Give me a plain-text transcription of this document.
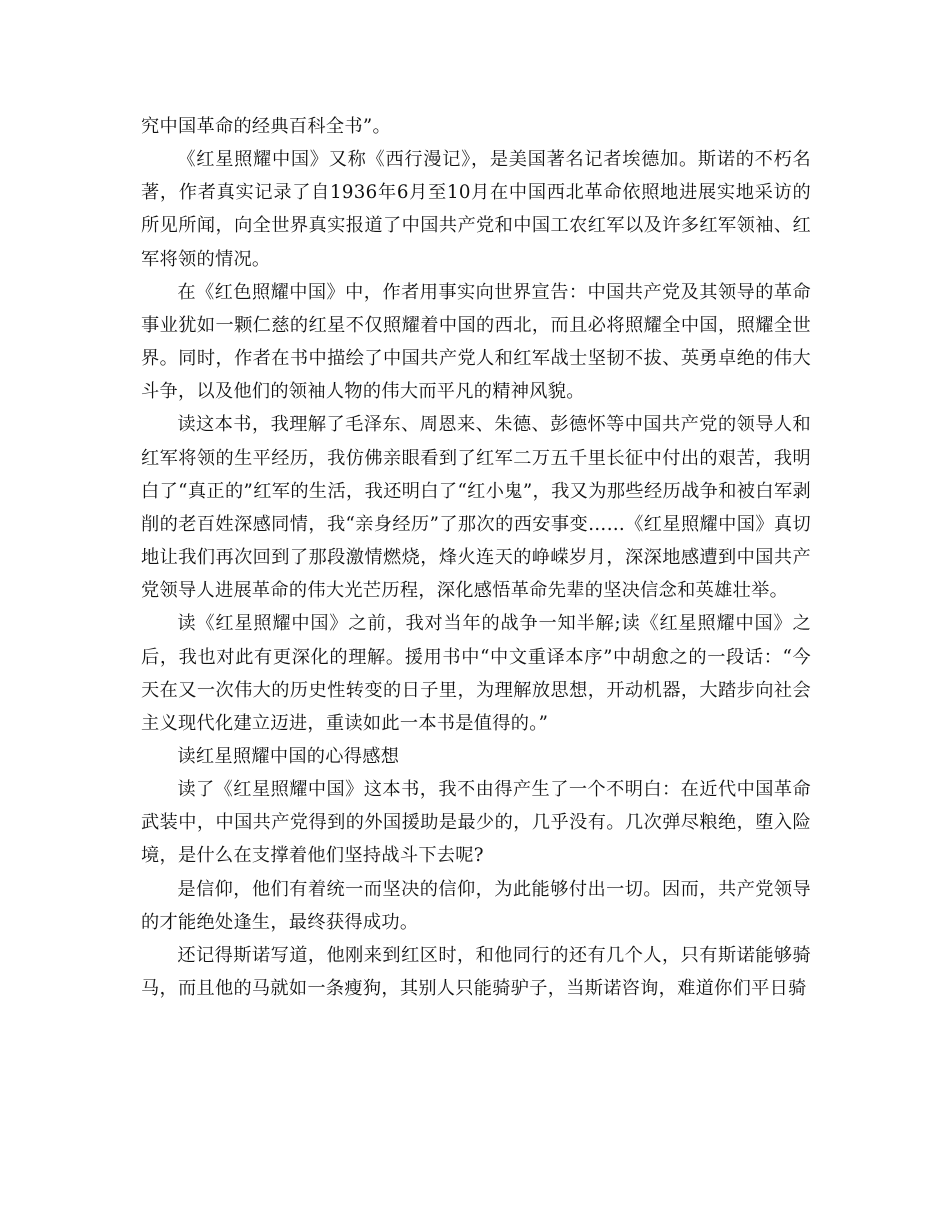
究中国革命的经典百科全书”。

《红星照耀中国》又称《西行漫记》，是美国著名记者埃德加。斯诺的不朽名著，作者真实记录了自1936年6月至10月在中国西北革命依照地进展实地采访的所见所闻，向全世界真实报道了中国共产党和中国工农红军以及许多红军领袖、红军将领的情况。

在《红色照耀中国》中，作者用事实向世界宣告：中国共产党及其领导的革命事业犹如一颗仁慈的红星不仅照耀着中国的西北，而且必将照耀全中国，照耀全世界。同时，作者在书中描绘了中国共产党人和红军战士坚韧不拔、英勇卓绝的伟大斗争，以及他们的领袖人物的伟大而平凡的精神风貌。

读这本书，我理解了毛泽东、周恩来、朱德、彭德怀等中国共产党的领导人和红军将领的生平经历，我仿佛亲眼看到了红军二万五千里长征中付出的艰苦，我明白了“真正的”红军的生活，我还明白了“红小鬼”，我又为那些经历战争和被白军剥削的老百姓深感同情，我“亲身经历”了那次的西安事变……《红星照耀中国》真切地让我们再次回到了那段激情燃烧，烽火连天的峥嵘岁月，深深地感遭到中国共产党领导人进展革命的伟大光芒历程，深化感悟革命先辈的坚决信念和英雄壮举。

读《红星照耀中国》之前，我对当年的战争一知半解;读《红星照耀中国》之后，我也对此有更深化的理解。援用书中“中文重译本序”中胡愈之的一段话：“今天在又一次伟大的历史性转变的日子里，为理解放思想，开动机器，大踏步向社会主义现代化建立迈进，重读如此一本书是值得的。”

读红星照耀中国的心得感想

读了《红星照耀中国》这本书，我不由得产生了一个不明白：在近代中国革命武装中，中国共产党得到的外国援助是最少的，几乎没有。几次弹尽粮绝，堕入险境，是什么在支撑着他们坚持战斗下去呢?

是信仰，他们有着统一而坚决的信仰，为此能够付出一切。因而，共产党领导的才能绝处逢生，最终获得成功。

还记得斯诺写道，他刚来到红区时，和他同行的还有几个人，只有斯诺能够骑马，而且他的马就如一条瘦狗，其别人只能骑驴子，当斯诺咨询，难道你们平日骑
